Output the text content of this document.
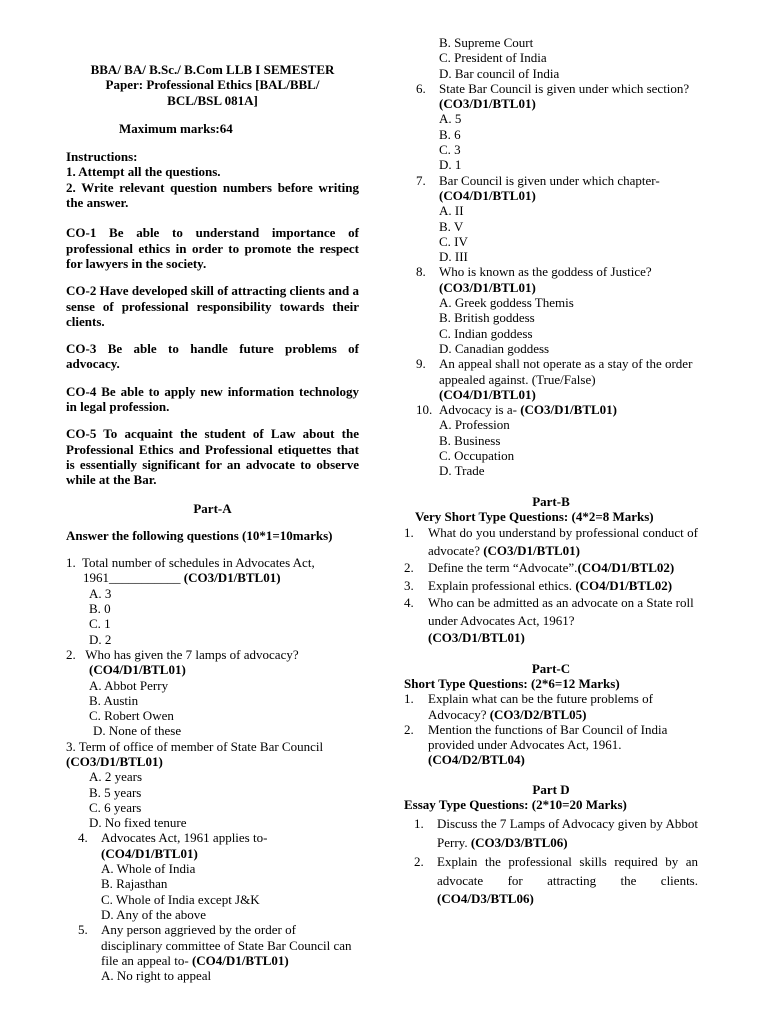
BBA/ BA/ B.Sc./ B.Com LLB I SEMESTER
Paper: Professional Ethics [BAL/BBL/
BCL/BSL 081A]
Maximum marks:64
Instructions:
1. Attempt all the questions.
2. Write relevant question numbers before writing the answer.
CO-1 Be able to understand importance of professional ethics in order to promote the respect for lawyers in the society.
CO-2 Have developed skill of attracting clients and a sense of professional responsibility towards their clients.
CO-3 Be able to handle future problems of advocacy.
CO-4 Be able to apply new information technology in legal profession.
CO-5 To acquaint the student of Law about the Professional Ethics and Professional etiquettes that is essentially significant for an advocate to observe while at the Bar.
Part-A
Answer the following questions (10*1=10marks)
1. Total number of schedules in Advocates Act,
1961___________ (CO3/D1/BTL01)
A. 3
B. 0
C. 1
D. 2
2. Who has given the 7 lamps of advocacy?
(CO4/D1/BTL01)
A. Abbot Perry
B. Austin
C. Robert Owen
D. None of these
3. Term of office of member of State Bar Council
(CO3/D1/BTL01)
A. 2 years
B. 5 years
C. 6 years
D. No fixed tenure
4. Advocates Act, 1961 applies to-
(CO4/D1/BTL01)
A. Whole of India
B. Rajasthan
C. Whole of India except J&K
D. Any of the above
5. Any person aggrieved by the order of disciplinary committee of State Bar Council can file an appeal to- (CO4/D1/BTL01)
A. No right to appeal
B. Supreme Court
C. President of India
D. Bar council of India
6. State Bar Council is given under which section? (CO3/D1/BTL01)
A. 5
B. 6
C. 3
D. 1
7. Bar Council is given under which chapter-
(CO4/D1/BTL01)
A. II
B. V
C. IV
D. III
8. Who is known as the goddess of Justice?
(CO3/D1/BTL01)
A. Greek goddess Themis
B. British goddess
C. Indian goddess
D. Canadian goddess
9. An appeal shall not operate as a stay of the order appealed against. (True/False)
(CO4/D1/BTL01)
10. Advocacy is a- (CO3/D1/BTL01)
A. Profession
B. Business
C. Occupation
D. Trade
Part-B
Very Short Type Questions: (4*2=8 Marks)
1. What do you understand by professional conduct of advocate? (CO3/D1/BTL01)
2. Define the term “Advocate”.(CO4/D1/BTL02)
3. Explain professional ethics. (CO4/D1/BTL02)
4. Who can be admitted as an advocate on a State roll under Advocates Act, 1961?
(CO3/D1/BTL01)
Part-C
Short Type Questions: (2*6=12 Marks)
1. Explain what can be the future problems of Advocacy? (CO3/D2/BTL05)
2. Mention the functions of Bar Council of India provided under Advocates Act, 1961.
(CO4/D2/BTL04)
Part D
Essay Type Questions: (2*10=20 Marks)
1. Discuss the 7 Lamps of Advocacy given by Abbot Perry. (CO3/D3/BTL06)
2. Explain the professional skills required by an advocate for attracting the clients. (CO4/D3/BTL06)
